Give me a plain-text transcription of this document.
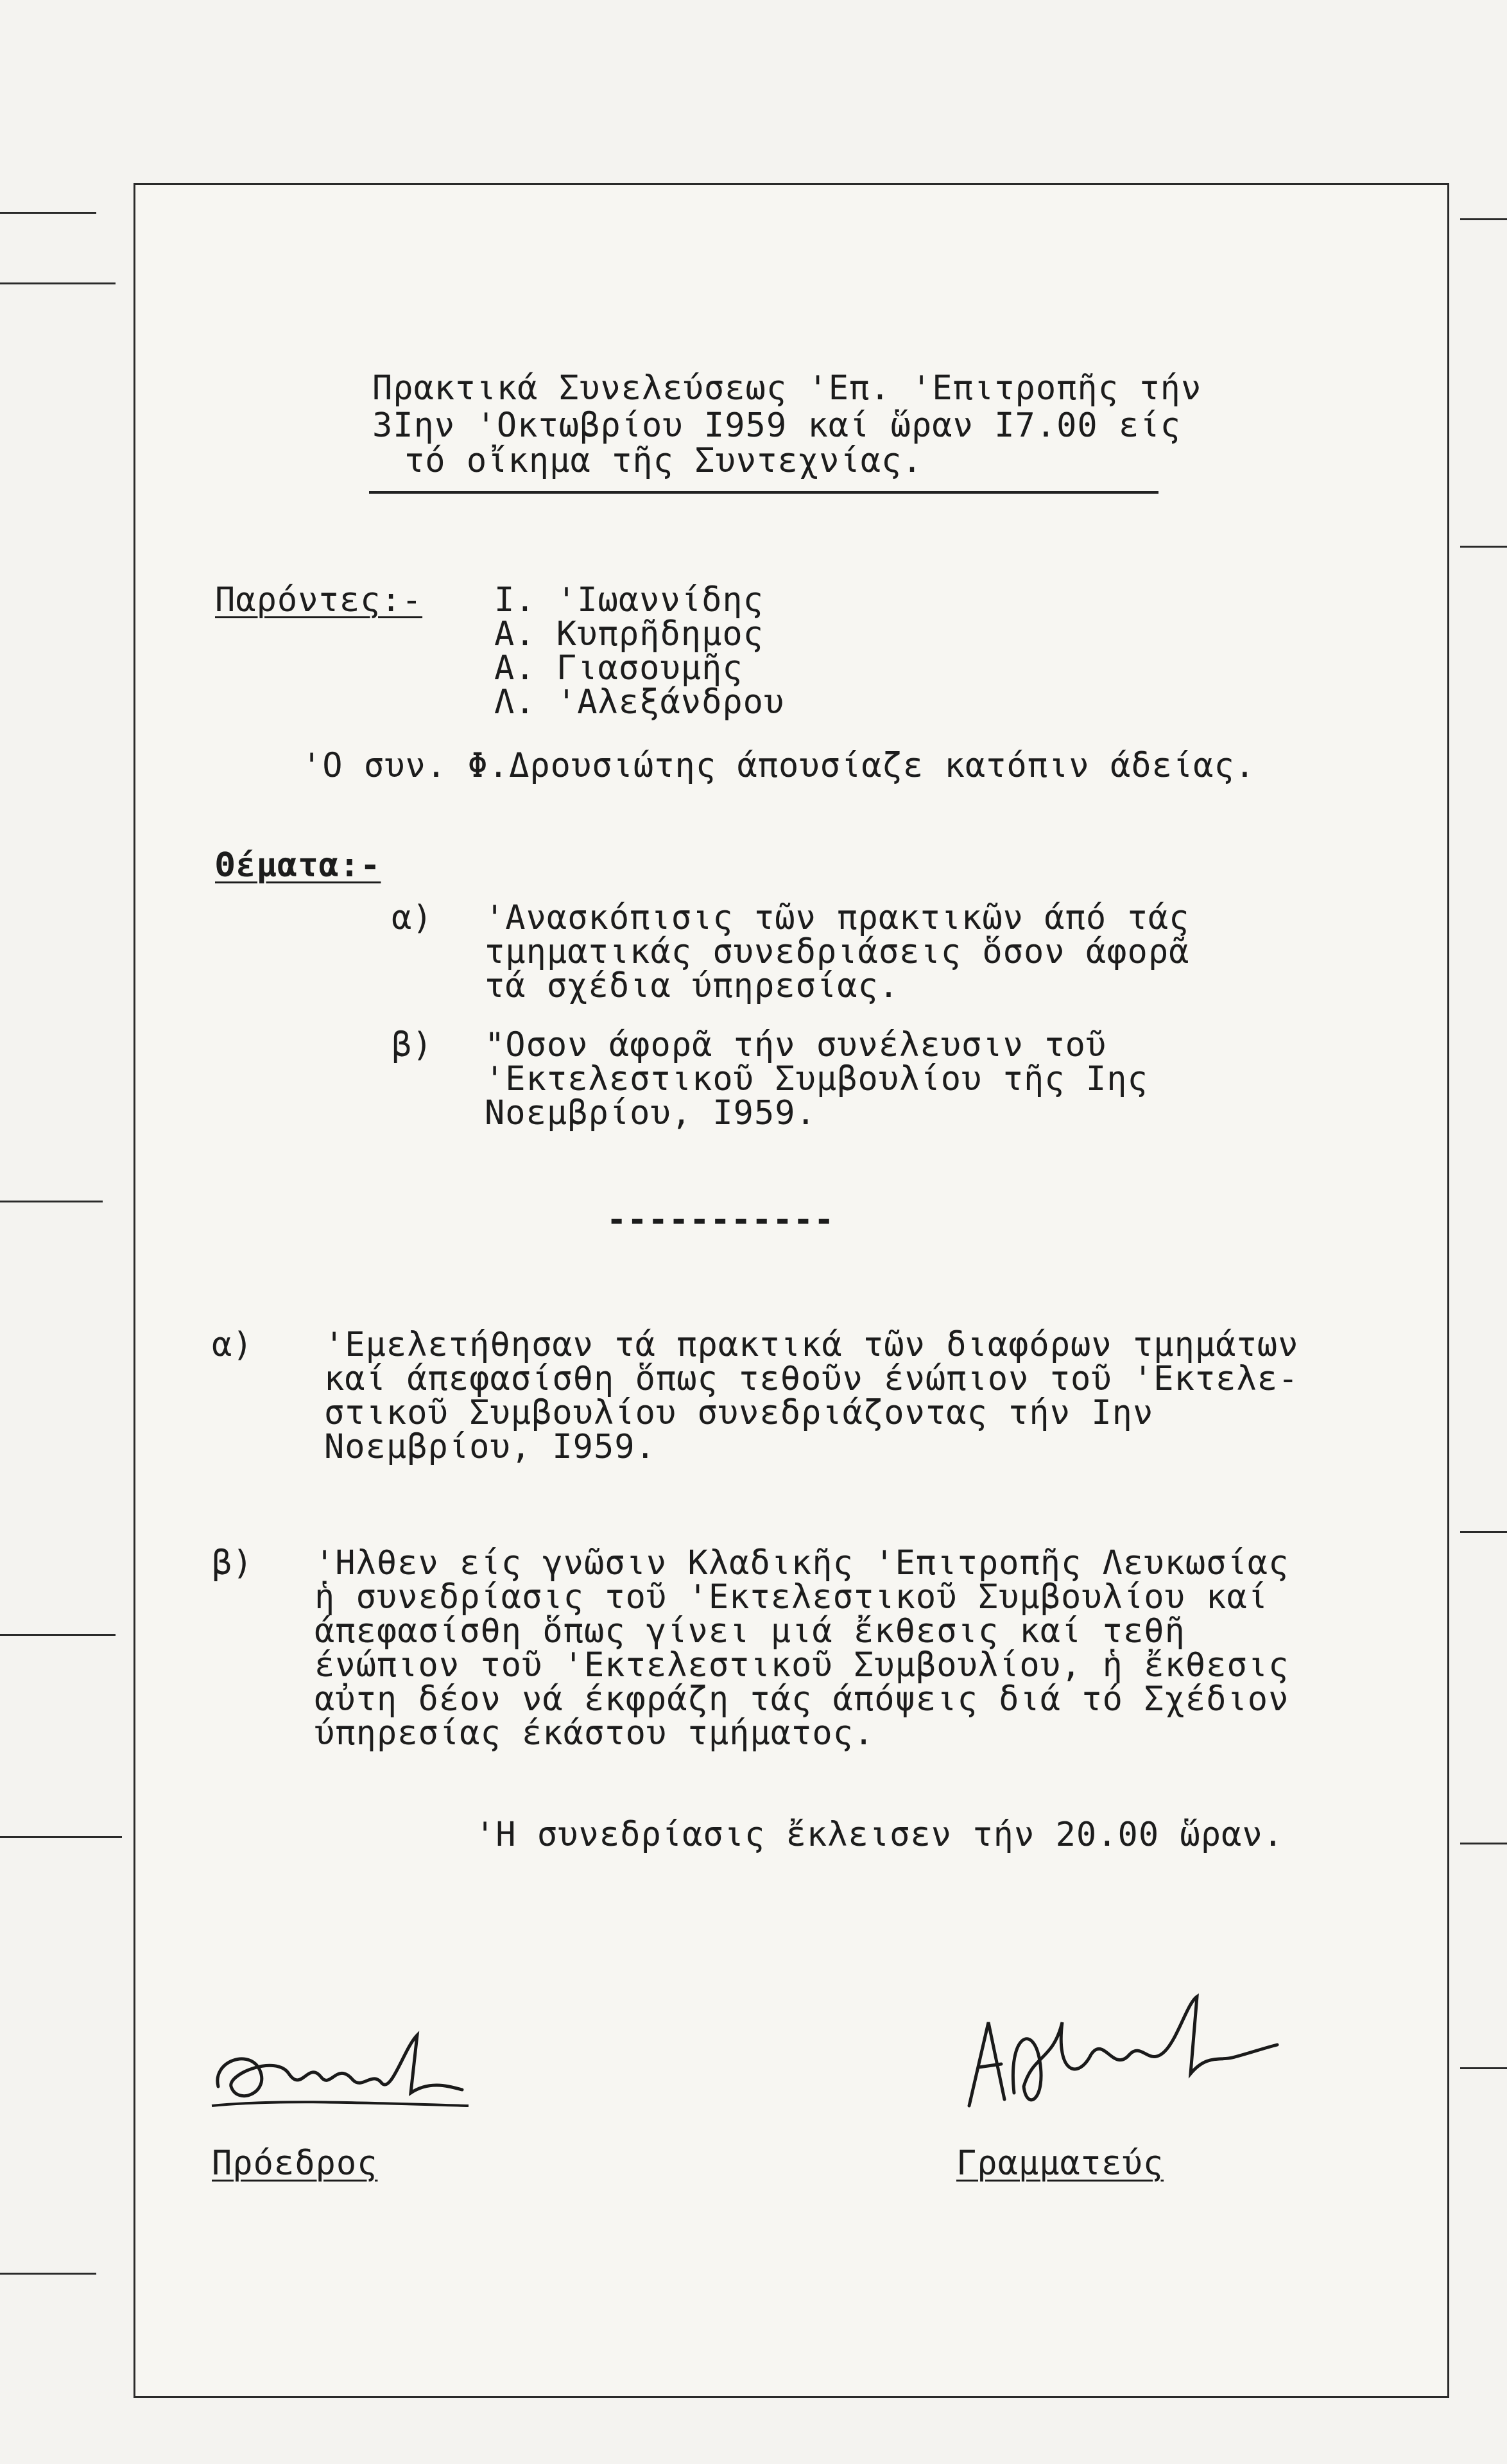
Πρακτικά Συνελεύσεως 'Επ. 'Επιτροπῆς τήν
3Ιην 'Οκτωβρίου Ι959 καί ὥραν Ι7.00 είς
τό οἴκημα τῆς Συντεχνίας.
Παρόντες:- Ι. 'Ιωαννίδης
Α. Κυπρῆδημος
Α. Γιασουμῆς
Λ. 'Αλεξάνδρου
'Ο συν. Φ.Δρουσιώτης άπουσίαζε κατόπιν άδείας.
Θέματα:-
α) 'Ανασκόπισις τῶν πρακτικῶν άπό τάς
τμηματικάς συνεδριάσεις ὅσον άφορᾶ
τά σχέδια ύπηρεσίας.
β) "Οσον άφορᾶ τήν συνέλευσιν τοῦ
'Εκτελεστικοῦ Συμβουλίου τῆς Ιης
Νοεμβρίου, Ι959.
-----------
α) 'Εμελετήθησαν τά πρακτικά τῶν διαφόρων τμημάτων
καί άπεφασίσθη ὅπως τεθοῦν ένώπιον τοῦ 'Εκτελε-
στικοῦ Συμβουλίου συνεδριάζοντας τήν Ιην
Νοεμβρίου, Ι959.
β) 'Ηλθεν είς γνῶσιν Κλαδικῆς 'Επιτροπῆς Λευκωσίας
ἡ συνεδρίασις τοῦ 'Εκτελεστικοῦ Συμβουλίου καί
άπεφασίσθη ὅπως γίνει μιά ἔκθεσις καί τεθῆ
ένώπιον τοῦ 'Εκτελεστικοῦ Συμβουλίου, ἡ ἔκθεσις
αὐτη δέον νά έκφράζη τάς άπόψεις διά τό Σχέδιον
ύπηρεσίας έκάστου τμήματος.
'Η συνεδρίασις ἔκλεισεν τήν 20.00 ὥραν.
Πρόεδρος	Γραμματεύς
